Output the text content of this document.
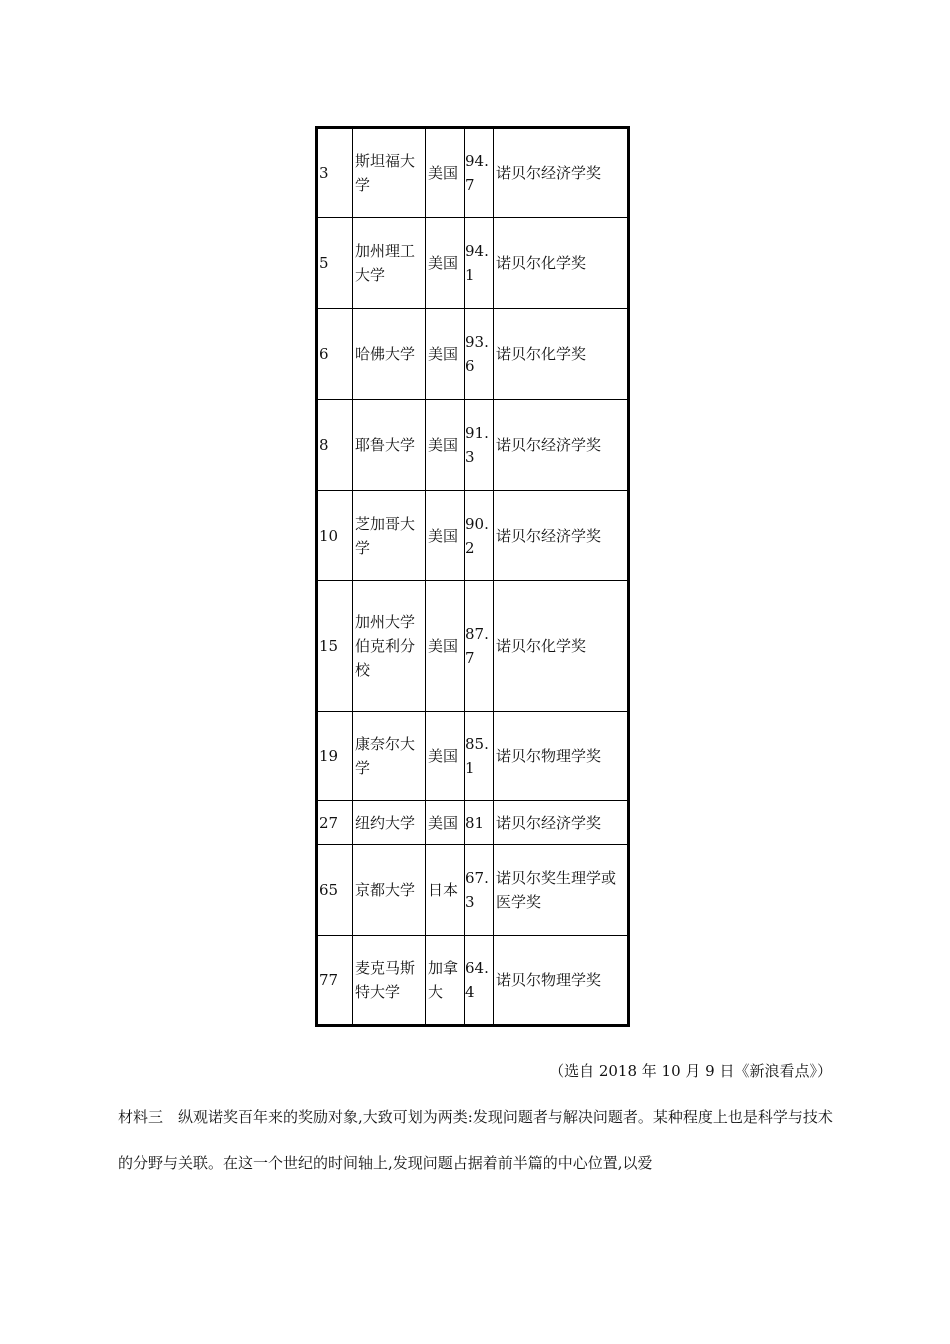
3	斯坦福大学	美国	94.7	诺贝尔经济学奖
5	加州理工大学	美国	94.1	诺贝尔化学奖
6	哈佛大学	美国	93.6	诺贝尔化学奖
8	耶鲁大学	美国	91.3	诺贝尔经济学奖
10	芝加哥大学	美国	90.2	诺贝尔经济学奖
15	加州大学伯克利分校	美国	87.7	诺贝尔化学奖
19	康奈尔大学	美国	85.1	诺贝尔物理学奖
27	纽约大学	美国	81	诺贝尔经济学奖
65	京都大学	日本	67.3	诺贝尔奖生理学或医学奖
77	麦克马斯特大学	加拿大	64.4	诺贝尔物理学奖
（选自 2018 年 10 月 9 日《新浪看点》）

材料三　纵观诺奖百年来的奖励对象,大致可划为两类:发现问题者与解决问题者。某种程度上也是科学与技术的分野与关联。在这一个世纪的时间轴上,发现问题占据着前半篇的中心位置,以爱
